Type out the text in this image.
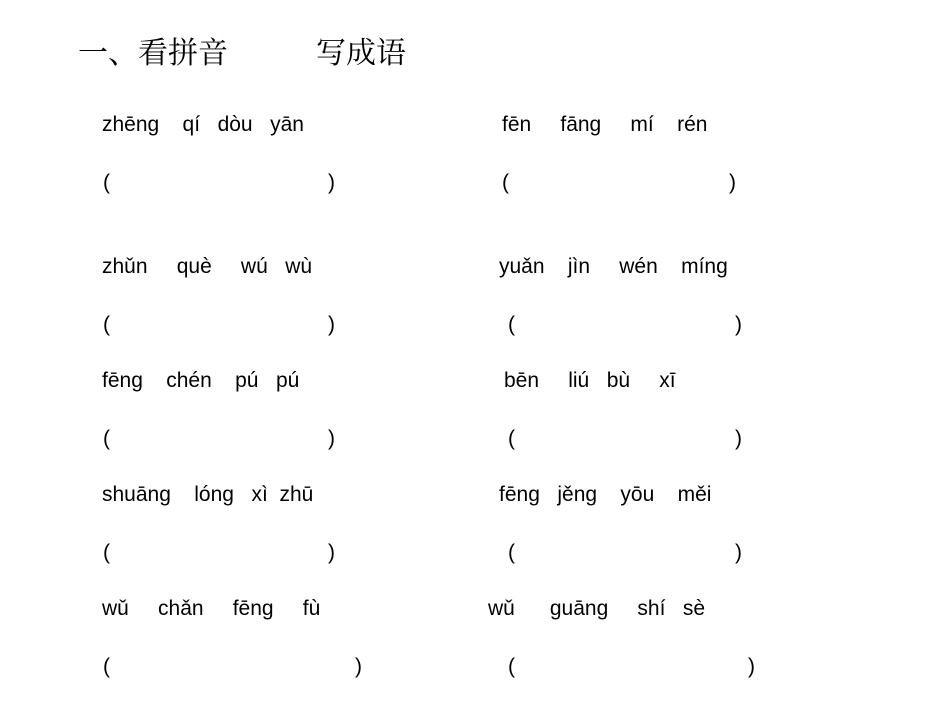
一、看拼音	写成语
zhēng    qí   dòu   yān	fēn     fāng     mí    rén
(	)	(	)
zhǔn     què     wú   wù	yuǎn    jìn     wén    míng
(	)	(	)
fēng    chén    pú   pú	bēn     liú   bù     xī
(	)	(	)
shuāng    lóng   xì  zhū	fēng   jěng    yōu    měi
(	)	(	)
wǔ     chǎn     fēng     fù	wǔ      guāng     shí   sè
(	)	(	)
